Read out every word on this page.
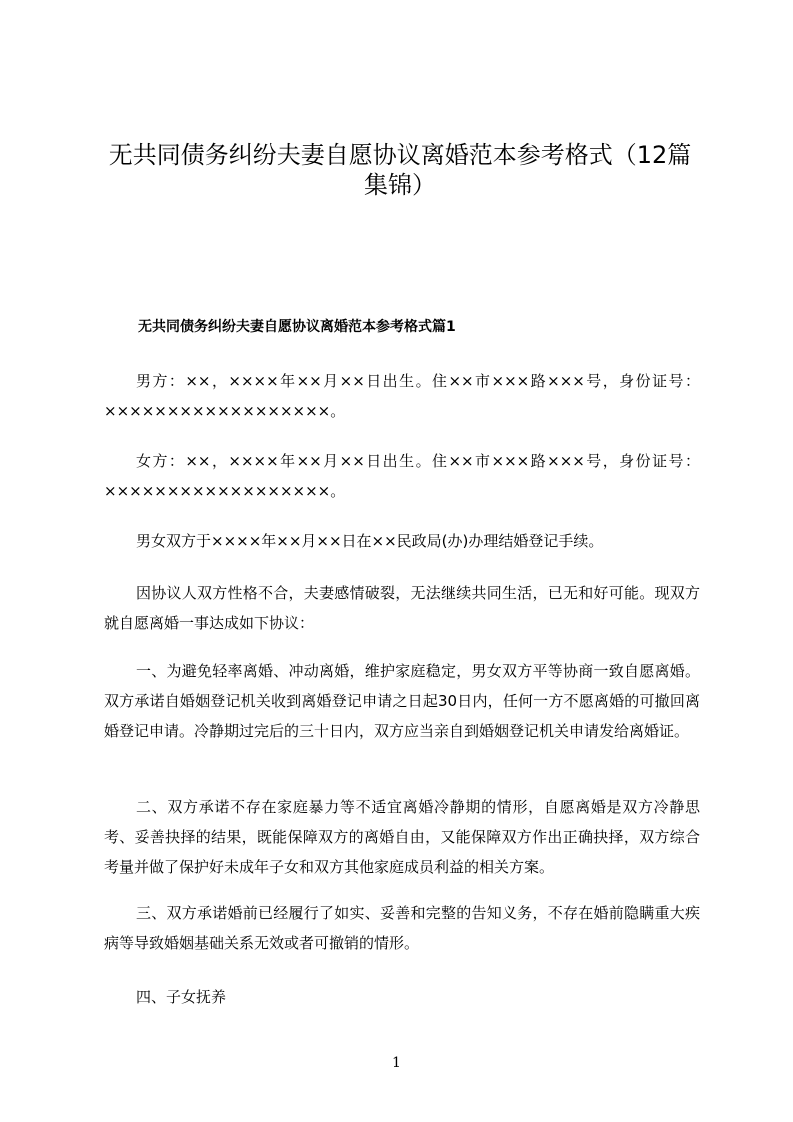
无共同债务纠纷夫妻自愿协议离婚范本参考格式（12篇集锦）
无共同债务纠纷夫妻自愿协议离婚范本参考格式篇1

男方：××，××××年××月××日出生。住××市×××路×××号，身份证号：××××××××××××××××××。

女方：××，××××年××月××日出生。住××市×××路×××号，身份证号：××××××××××××××××××。

男女双方于××××年××月××日在××民政局(办)办理结婚登记手续。

因协议人双方性格不合，夫妻感情破裂，无法继续共同生活，已无和好可能。现双方就自愿离婚一事达成如下协议：

一、为避免轻率离婚、冲动离婚，维护家庭稳定，男女双方平等协商一致自愿离婚。双方承诺自婚姻登记机关收到离婚登记申请之日起30日内，任何一方不愿离婚的可撤回离婚登记申请。冷静期过完后的三十日内，双方应当亲自到婚姻登记机关申请发给离婚证。

二、双方承诺不存在家庭暴力等不适宜离婚冷静期的情形，自愿离婚是双方冷静思考、妥善抉择的结果，既能保障双方的离婚自由，又能保障双方作出正确抉择，双方综合考量并做了保护好未成年子女和双方其他家庭成员利益的相关方案。

三、双方承诺婚前已经履行了如实、妥善和完整的告知义务，不存在婚前隐瞒重大疾病等导致婚姻基础关系无效或者可撤销的情形。

四、子女抚养

1
